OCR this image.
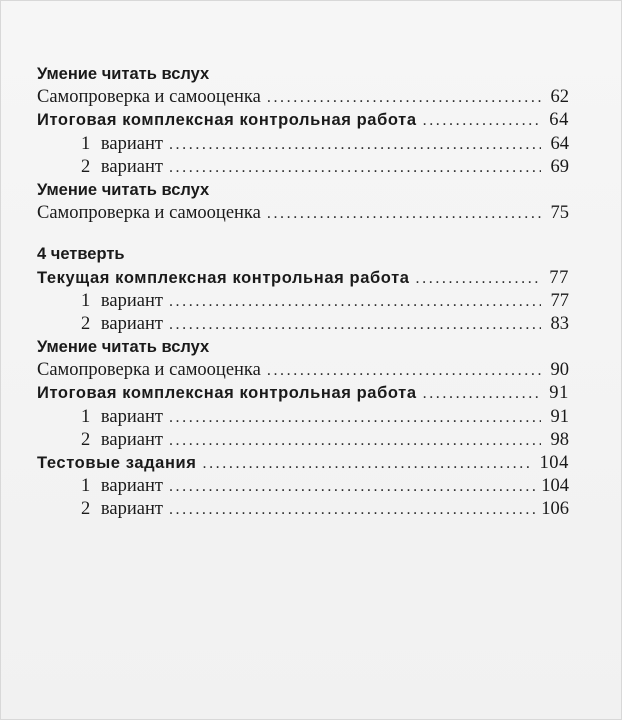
Умение читать вслух
Самопроверка и самооценка .....	62
Итоговая комплексная контрольная работа .....	64
1 вариант .....	64
2 вариант .....	69
Умение читать вслух
Самопроверка и самооценка .....	75
4 четверть
Текущая комплексная контрольная работа .....	77
1 вариант .....	77
2 вариант .....	83
Умение читать вслух
Самопроверка и самооценка .....	90
Итоговая комплексная контрольная работа .....	91
1 вариант .....	91
2 вариант .....	98
Тестовые задания .....	104
1 вариант .....	104
2 вариант .....	106
